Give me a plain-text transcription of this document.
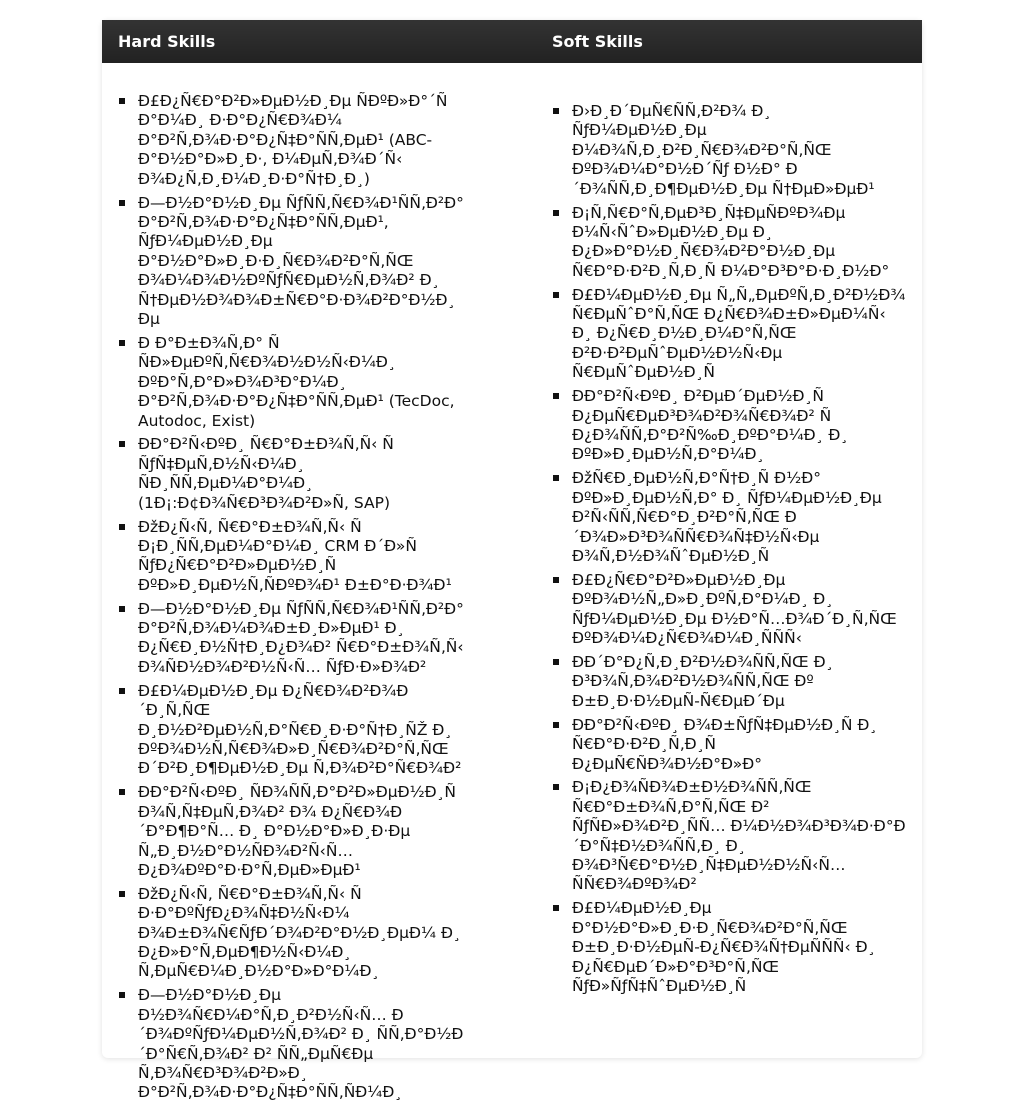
Hard Skills	Soft Skills
Ð£Ð¿Ñ€Ð°Ð²Ð»ÐµÐ½Ð¸Ðµ ÑÐºÐ»Ð°´Ñ Ð°Ð¼Ð¸ Ð·Ð°Ð¿Ñ€Ð¾Ð¼ Ð°Ð²Ñ‚Ð¾Ð·Ð°Ð¿Ñ‡Ð°ÑÑ‚ÐµÐ¹ (ABC-Ð°Ð½Ð°Ð»Ð¸Ð·, Ð¼ÐµÑ‚Ð¾Ð´Ñ‹ Ð¾Ð¿Ñ‚Ð¸Ð¼Ð¸Ð·Ð°Ñ†Ð¸Ð¸)
Ð—Ð½Ð°Ð½Ð¸Ðµ ÑƒÑÑ‚Ñ€Ð¾Ð¹ÑÑ‚Ð²Ð° Ð°Ð²Ñ‚Ð¾Ð·Ð°Ð¿Ñ‡Ð°ÑÑ‚ÐµÐ¹, ÑƒÐ¼ÐµÐ½Ð¸Ðµ Ð°Ð½Ð°Ð»Ð¸Ð·Ð¸Ñ€Ð¾Ð²Ð°Ñ‚ÑŒ Ð¾Ð¼Ð¾Ð½ÐºÑƒÑ€ÐµÐ½Ñ‚Ð¾Ð² Ð¸ Ñ†ÐµÐ½Ð¾Ð¾Ð±Ñ€Ð°Ð·Ð¾Ð²Ð°Ð½Ð¸Ðµ
Ð Ð°Ð±Ð¾Ñ‚Ð° Ñ ÑÐ»ÐµÐºÑ‚Ñ€Ð¾Ð½Ð½Ñ‹Ð¼Ð¸ ÐºÐ°Ñ‚Ð°Ð»Ð¾Ð³Ð°Ð¼Ð¸ Ð°Ð²Ñ‚Ð¾Ð·Ð°Ð¿Ñ‡Ð°ÑÑ‚ÐµÐ¹ (TecDoc, Autodoc, Exist)
ÐÐ°Ð²Ñ‹ÐºÐ¸ Ñ€Ð°Ð±Ð¾Ñ‚Ñ‹ Ñ ÑƒÑ‡ÐµÑ‚Ð½Ñ‹Ð¼Ð¸ ÑÐ¸ÑÑ‚ÐµÐ¼Ð°Ð¼Ð¸ (1Ð¡:Ð¢Ð¾Ñ€Ð³Ð¾Ð²Ð»Ñ, SAP)
ÐžÐ¿Ñ‹Ñ‚ Ñ€Ð°Ð±Ð¾Ñ‚Ñ‹ Ñ Ð¡Ð¸ÑÑ‚ÐµÐ¼Ð°Ð¼Ð¸ CRM Ð´Ð»Ñ ÑƒÐ¿Ñ€Ð°Ð²Ð»ÐµÐ½Ð¸Ñ ÐºÐ»Ð¸ÐµÐ½Ñ‚ÑÐºÐ¾Ð¹ Ð±Ð°Ð·Ð¾Ð¹
Ð—Ð½Ð°Ð½Ð¸Ðµ ÑƒÑÑ‚Ñ€Ð¾Ð¹ÑÑ‚Ð²Ð° Ð°Ð²Ñ‚Ð¾Ð¼Ð¾Ð±Ð¸Ð»ÐµÐ¹ Ð¸ Ð¿Ñ€Ð¸Ð½Ñ†Ð¸Ð¿Ð¾Ð² Ñ€Ð°Ð±Ð¾Ñ‚Ñ‹ Ð¾ÑÐ½Ð¾Ð²Ð½Ñ‹Ñ… ÑƒÐ·Ð»Ð¾Ð²
Ð£Ð¼ÐµÐ½Ð¸Ðµ Ð¿Ñ€Ð¾Ð²Ð¾Ð´Ð¸Ñ‚ÑŒ Ð¸Ð½Ð²ÐµÐ½Ñ‚Ð°Ñ€Ð¸Ð·Ð°Ñ†Ð¸ÑŽ Ð¸ ÐºÐ¾Ð½Ñ‚Ñ€Ð¾Ð»Ð¸Ñ€Ð¾Ð²Ð°Ñ‚ÑŒ Ð´Ð²Ð¸Ð¶ÐµÐ½Ð¸Ðµ Ñ‚Ð¾Ð²Ð°Ñ€Ð¾Ð²
ÐÐ°Ð²Ñ‹ÐºÐ¸ ÑÐ¾ÑÑ‚Ð°Ð²Ð»ÐµÐ½Ð¸Ñ Ð¾Ñ‚Ñ‡ÐµÑ‚Ð¾Ð² Ð¾ Ð¿Ñ€Ð¾Ð´Ð°Ð¶Ð°Ñ… Ð¸ Ð°Ð½Ð°Ð»Ð¸Ð·Ðµ Ñ„Ð¸Ð½Ð°Ð½ÑÐ¾Ð²Ñ‹Ñ… Ð¿Ð¾ÐºÐ°Ð·Ð°Ñ‚ÐµÐ»ÐµÐ¹
ÐžÐ¿Ñ‹Ñ‚ Ñ€Ð°Ð±Ð¾Ñ‚Ñ‹ Ñ Ð·Ð°ÐºÑƒÐ¿Ð¾Ñ‡Ð½Ñ‹Ð¼ Ð¾Ð±Ð¾Ñ€ÑƒÐ´Ð¾Ð²Ð°Ð½Ð¸ÐµÐ¼ Ð¸ Ð¿Ð»Ð°Ñ‚ÐµÐ¶Ð½Ñ‹Ð¼Ð¸ Ñ‚ÐµÑ€Ð¼Ð¸Ð½Ð°Ð»Ð°Ð¼Ð¸
Ð—Ð½Ð°Ð½Ð¸Ðµ Ð½Ð¾Ñ€Ð¼Ð°Ñ‚Ð¸Ð²Ð½Ñ‹Ñ… Ð´Ð¾ÐºÑƒÐ¼ÐµÐ½Ñ‚Ð¾Ð² Ð¸ ÑÑ‚Ð°Ð½Ð´Ð°Ñ€Ñ‚Ð¾Ð² Ð² ÑÑ„ÐµÑ€Ðµ Ñ‚Ð¾Ñ€Ð³Ð¾Ð²Ð»Ð¸ Ð°Ð²Ñ‚Ð¾Ð·Ð°Ð¿Ñ‡Ð°ÑÑ‚ÑÐ¼Ð¸
Ð›Ð¸Ð´ÐµÑ€ÑÑ‚Ð²Ð¾ Ð¸ ÑƒÐ¼ÐµÐ½Ð¸Ðµ Ð¼Ð¾Ñ‚Ð¸Ð²Ð¸Ñ€Ð¾Ð²Ð°Ñ‚ÑŒ ÐºÐ¾Ð¼Ð°Ð½Ð´Ñƒ Ð½Ð° Ð´Ð¾ÑÑ‚Ð¸Ð¶ÐµÐ½Ð¸Ðµ Ñ†ÐµÐ»ÐµÐ¹
Ð¡Ñ‚Ñ€Ð°Ñ‚ÐµÐ³Ð¸Ñ‡ÐµÑÐºÐ¾Ðµ Ð¼Ñ‹ÑˆÐ»ÐµÐ½Ð¸Ðµ Ð¸ Ð¿Ð»Ð°Ð½Ð¸Ñ€Ð¾Ð²Ð°Ð½Ð¸Ðµ Ñ€Ð°Ð·Ð²Ð¸Ñ‚Ð¸Ñ Ð¼Ð°Ð³Ð°Ð·Ð¸Ð½Ð°
Ð£Ð¼ÐµÐ½Ð¸Ðµ Ñ„Ñ„ÐµÐºÑ‚Ð¸Ð²Ð½Ð¾ Ñ€ÐµÑˆÐ°Ñ‚ÑŒ Ð¿Ñ€Ð¾Ð±Ð»ÐµÐ¼Ñ‹ Ð¸ Ð¿Ñ€Ð¸Ð½Ð¸Ð¼Ð°Ñ‚ÑŒ Ð²Ð·Ð²ÐµÑˆÐµÐ½Ð½Ñ‹Ðµ Ñ€ÐµÑˆÐµÐ½Ð¸Ñ
ÐÐ°Ð²Ñ‹ÐºÐ¸ Ð²ÐµÐ´ÐµÐ½Ð¸Ñ Ð¿ÐµÑ€ÐµÐ³Ð¾Ð²Ð¾Ñ€Ð¾Ð² Ñ Ð¿Ð¾ÑÑ‚Ð°Ð²Ñ‰Ð¸ÐºÐ°Ð¼Ð¸ Ð¸ ÐºÐ»Ð¸ÐµÐ½Ñ‚Ð°Ð¼Ð¸
ÐžÑ€Ð¸ÐµÐ½Ñ‚Ð°Ñ†Ð¸Ñ Ð½Ð° ÐºÐ»Ð¸ÐµÐ½Ñ‚Ð° Ð¸ ÑƒÐ¼ÐµÐ½Ð¸Ðµ Ð²Ñ‹ÑÑ‚Ñ€Ð°Ð¸Ð²Ð°Ñ‚ÑŒ Ð´Ð¾Ð»Ð³Ð¾ÑÑ€Ð¾Ñ‡Ð½Ñ‹Ðµ Ð¾Ñ‚Ð½Ð¾ÑˆÐµÐ½Ð¸Ñ
Ð£Ð¿Ñ€Ð°Ð²Ð»ÐµÐ½Ð¸Ðµ ÐºÐ¾Ð½Ñ„Ð»Ð¸ÐºÑ‚Ð°Ð¼Ð¸ Ð¸ ÑƒÐ¼ÐµÐ½Ð¸Ðµ Ð½Ð°Ñ…Ð¾Ð´Ð¸Ñ‚ÑŒ ÐºÐ¾Ð¼Ð¿Ñ€Ð¾Ð¼Ð¸ÑÑÑ‹
ÐÐ´Ð°Ð¿Ñ‚Ð¸Ð²Ð½Ð¾ÑÑ‚ÑŒ Ð¸ Ð³Ð¾Ñ‚Ð¾Ð²Ð½Ð¾ÑÑ‚ÑŒ Ðº Ð±Ð¸Ð·Ð½ÐµÑ-Ñ€ÐµÐ´Ðµ
ÐÐ°Ð²Ñ‹ÐºÐ¸ Ð¾Ð±ÑƒÑ‡ÐµÐ½Ð¸Ñ Ð¸ Ñ€Ð°Ð·Ð²Ð¸Ñ‚Ð¸Ñ Ð¿ÐµÑ€ÑÐ¾Ð½Ð°Ð»Ð°
Ð¡Ð¿Ð¾ÑÐ¾Ð±Ð½Ð¾ÑÑ‚ÑŒ Ñ€Ð°Ð±Ð¾Ñ‚Ð°Ñ‚ÑŒ Ð² ÑƒÑÐ»Ð¾Ð²Ð¸ÑÑ… Ð¼Ð½Ð¾Ð³Ð¾Ð·Ð°Ð´Ð°Ñ‡Ð½Ð¾ÑÑ‚Ð¸ Ð¸ Ð¾Ð³Ñ€Ð°Ð½Ð¸Ñ‡ÐµÐ½Ð½Ñ‹Ñ… ÑÑ€Ð¾ÐºÐ¾Ð²
Ð£Ð¼ÐµÐ½Ð¸Ðµ Ð°Ð½Ð°Ð»Ð¸Ð·Ð¸Ñ€Ð¾Ð²Ð°Ñ‚ÑŒ Ð±Ð¸Ð·Ð½ÐµÑ-Ð¿Ñ€Ð¾Ñ†ÐµÑÑÑ‹ Ð¸ Ð¿Ñ€ÐµÐ´Ð»Ð°Ð³Ð°Ñ‚ÑŒ ÑƒÐ»ÑƒÑ‡ÑˆÐµÐ½Ð¸Ñ
